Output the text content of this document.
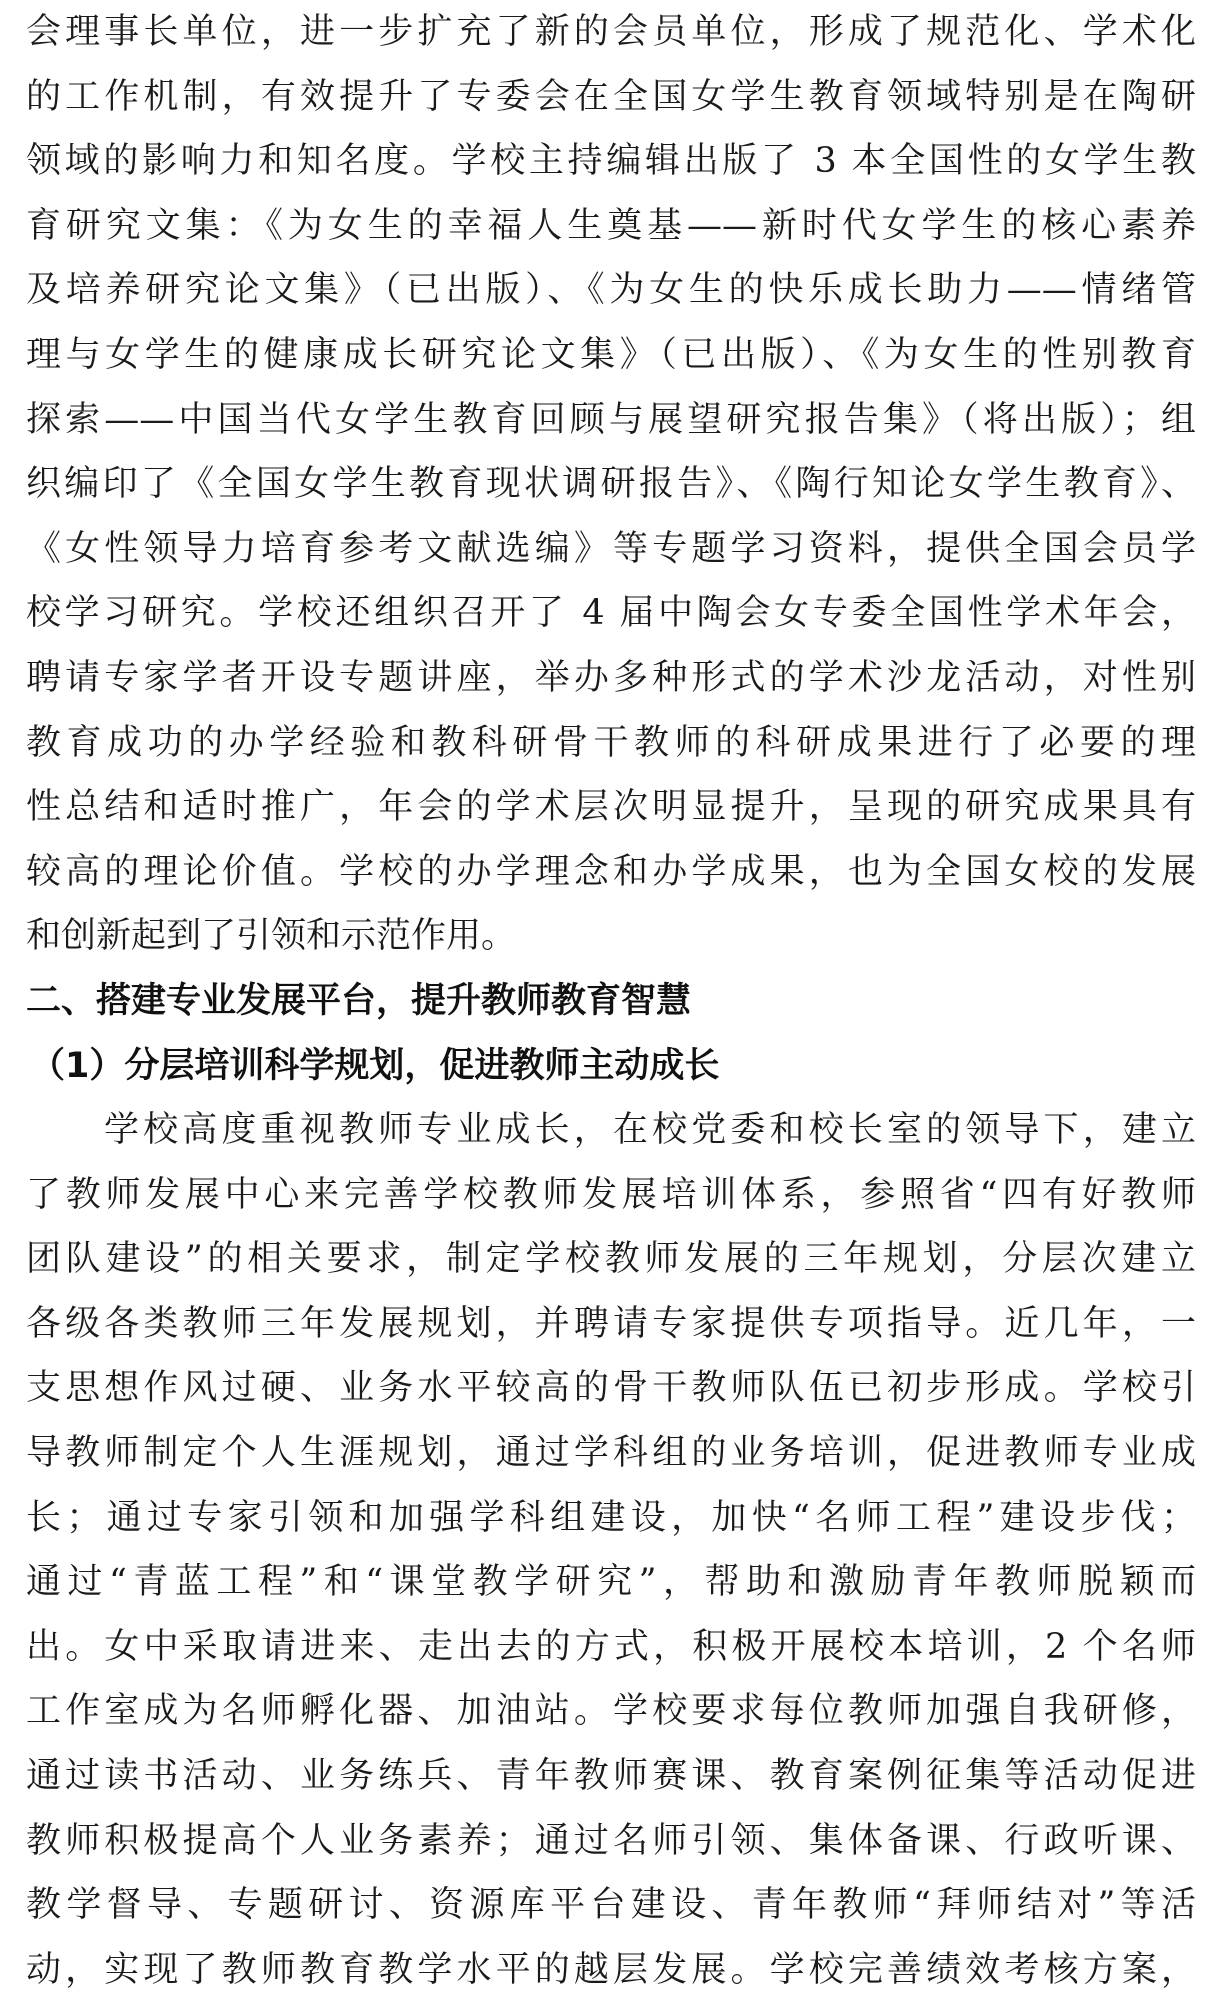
会理事长单位，进一步扩充了新的会员单位，形成了规范化、学术化
的工作机制，有效提升了专委会在全国女学生教育领域特别是在陶研
领域的影响力和知名度。学校主持编辑出版了 3 本全国性的女学生教
育研究文集：《为女生的幸福人生奠基——新时代女学生的核心素养
及培养研究论文集》（已出版）、《为女生的快乐成长助力——情绪管
理与女学生的健康成长研究论文集》（已出版）、《为女生的性别教育
探索——中国当代女学生教育回顾与展望研究报告集》（将出版）；组
织编印了《全国女学生教育现状调研报告》、《陶行知论女学生教育》、
《女性领导力培育参考文献选编》等专题学习资料，提供全国会员学
校学习研究。学校还组织召开了 4 届中陶会女专委全国性学术年会，
聘请专家学者开设专题讲座，举办多种形式的学术沙龙活动，对性别
教育成功的办学经验和教科研骨干教师的科研成果进行了必要的理
性总结和适时推广，年会的学术层次明显提升，呈现的研究成果具有
较高的理论价值。学校的办学理念和办学成果，也为全国女校的发展
和创新起到了引领和示范作用。
二、搭建专业发展平台，提升教师教育智慧
（1）分层培训科学规划，促进教师主动成长
学校高度重视教师专业成长，在校党委和校长室的领导下，建立
了教师发展中心来完善学校教师发展培训体系，参照省“四有好教师
团队建设”的相关要求，制定学校教师发展的三年规划，分层次建立
各级各类教师三年发展规划，并聘请专家提供专项指导。近几年，一
支思想作风过硬、业务水平较高的骨干教师队伍已初步形成。学校引
导教师制定个人生涯规划，通过学科组的业务培训，促进教师专业成
长；通过专家引领和加强学科组建设，加快“名师工程”建设步伐；
通过“青蓝工程”和“课堂教学研究”，帮助和激励青年教师脱颖而
出。女中采取请进来、走出去的方式，积极开展校本培训，2 个名师
工作室成为名师孵化器、加油站。学校要求每位教师加强自我研修，
通过读书活动、业务练兵、青年教师赛课、教育案例征集等活动促进
教师积极提高个人业务素养；通过名师引领、集体备课、行政听课、
教学督导、专题研讨、资源库平台建设、青年教师“拜师结对”等活
动，实现了教师教育教学水平的越层发展。学校完善绩效考核方案，
